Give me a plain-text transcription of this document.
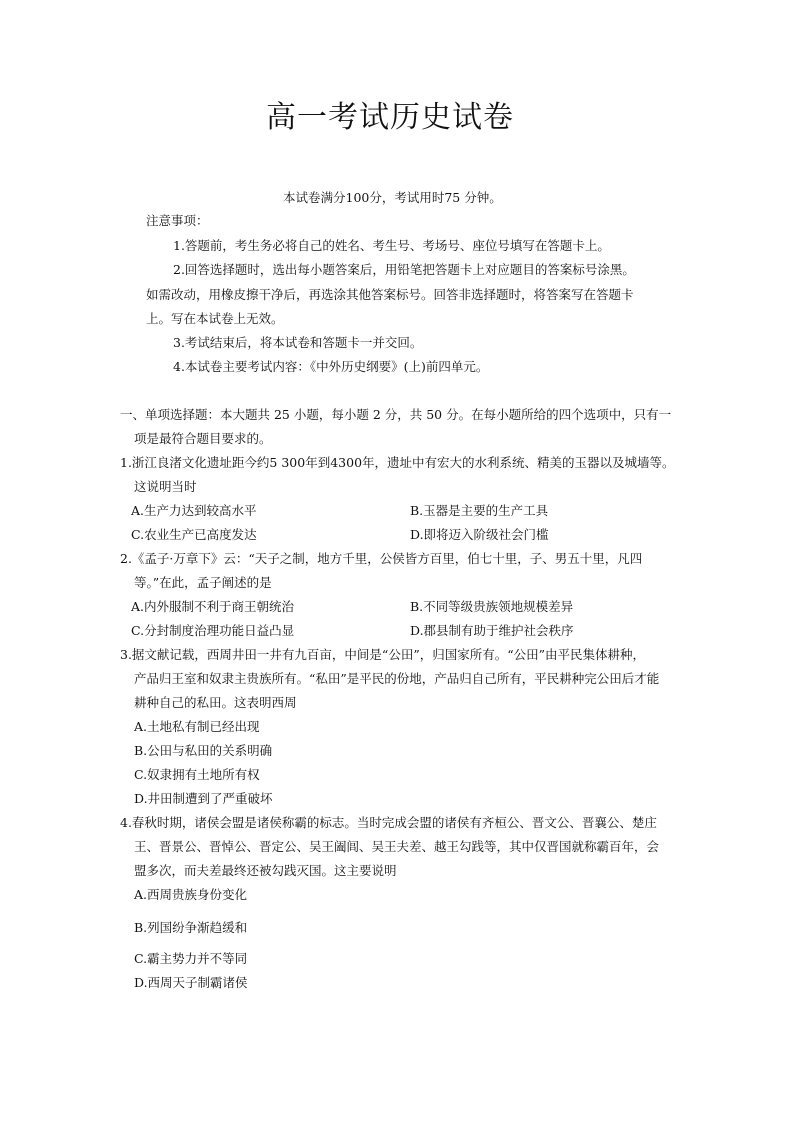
高一考试历史试卷
本试卷满分100分，考试用时75 分钟。
注意事项：
1.答题前，考生务必将自己的姓名、考生号、考场号、座位号填写在答题卡上。
2.回答选择题时，选出每小题答案后，用铅笔把答题卡上对应题目的答案标号涂黑。
如需改动，用橡皮擦干净后，再选涂其他答案标号。回答非选择题时，将答案写在答题卡
上。写在本试卷上无效。
3.考试结束后，将本试卷和答题卡一并交回。
4.本试卷主要考试内容：《中外历史纲要》(上)前四单元。
一、单项选择题：本大题共 25 小题，每小题 2 分，共 50 分。在每小题所给的四个选项中，只有一
项是最符合题目要求的。
1.浙江良渚文化遗址距今约5 300年到4300年，遗址中有宏大的水利系统、精美的玉器以及城墙等。
这说明当时
A.生产力达到较高水平	B.玉器是主要的生产工具
C.农业生产已高度发达	D.即将迈入阶级社会门槛
2.《孟子·万章下》云：“天子之制，地方千里，公侯皆方百里，伯七十里，子、男五十里，凡四
等。”在此，孟子阐述的是
A.内外服制不利于商王朝统治	B.不同等级贵族领地规模差异
C.分封制度治理功能日益凸显	D.郡县制有助于维护社会秩序
3.据文献记载，西周井田一井有九百亩，中间是“公田”，归国家所有。“公田”由平民集体耕种，
产品归王室和奴隶主贵族所有。“私田”是平民的份地，产品归自己所有，平民耕种完公田后才能
耕种自己的私田。这表明西周
A.土地私有制已经出现
B.公田与私田的关系明确
C.奴隶拥有土地所有权
D.井田制遭到了严重破坏
4.春秋时期，诸侯会盟是诸侯称霸的标志。当时完成会盟的诸侯有齐桓公、晋文公、晋襄公、楚庄
王、晋景公、晋悼公、晋定公、吴王阖闾、吴王夫差、越王勾践等，其中仅晋国就称霸百年，会
盟多次，而夫差最终还被勾践灭国。这主要说明
A.西周贵族身份变化
B.列国纷争渐趋缓和
C.霸主势力并不等同
D.西周天子制霸诸侯
